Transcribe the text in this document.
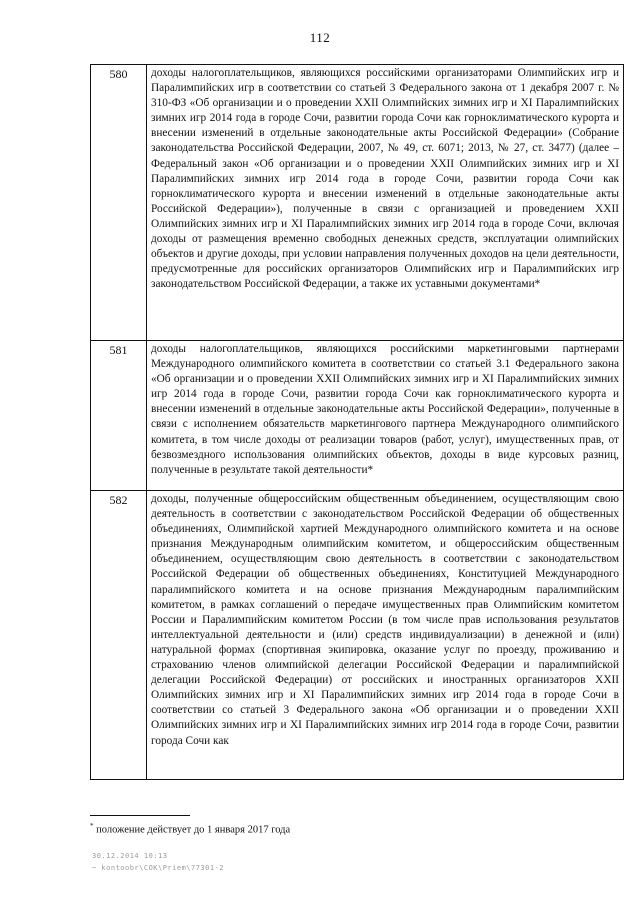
112
580	доходы налогоплательщиков, являющихся российскими организаторами Олимпийских игр и Паралимпийских игр в соответствии со статьей 3 Федерального закона от 1 декабря 2007 г. № 310-ФЗ «Об организации и о проведении XXII Олимпийских зимних игр и XI Паралимпийских зимних игр 2014 года в городе Сочи, развитии города Сочи как горноклиматического курорта и внесении изменений в отдельные законодательные акты Российской Федерации» (Собрание законодательства Российской Федерации, 2007, № 49, ст. 6071; 2013, № 27, ст. 3477) (далее – Федеральный закон «Об организации и о проведении XXII Олимпийских зимних игр и XI Паралимпийских зимних игр 2014 года в городе Сочи, развитии города Сочи как горноклиматического курорта и внесении изменений в отдельные законодательные акты Российской Федерации»), полученные в связи с организацией и проведением XXII Олимпийских зимних игр и XI Паралимпийских зимних игр 2014 года в городе Сочи, включая доходы от размещения временно свободных денежных средств, эксплуатации олимпийских объектов и другие доходы, при условии направления полученных доходов на цели деятельности, предусмотренные для российских организаторов Олимпийских игр и Паралимпийских игр законодательством Российской Федерации, а также их уставными документами*
581	доходы налогоплательщиков, являющихся российскими маркетинговыми партнерами Международного олимпийского комитета в соответствии со статьей 3.1 Федерального закона «Об организации и о проведении XXII Олимпийских зимних игр и XI Паралимпийских зимних игр 2014 года в городе Сочи, развитии города Сочи как горноклиматического курорта и внесении изменений в отдельные законодательные акты Российской Федерации», полученные в связи с исполнением обязательств маркетингового партнера Международного олимпийского комитета, в том числе доходы от реализации товаров (работ, услуг), имущественных прав, от безвозмездного использования олимпийских объектов, доходы в виде курсовых разниц, полученные в результате такой деятельности*
582	доходы, полученные общероссийским общественным объединением, осуществляющим свою деятельность в соответствии с законодательством Российской Федерации об общественных объединениях, Олимпийской хартией Международного олимпийского комитета и на основе признания Международным олимпийским комитетом, и общероссийским общественным объединением, осуществляющим свою деятельность в соответствии с законодательством Российской Федерации об общественных объединениях, Конституцией Международного паралимпийского комитета и на основе признания Международным паралимпийским комитетом, в рамках соглашений о передаче имущественных прав Олимпийским комитетом России и Паралимпийским комитетом России (в том числе прав использования результатов интеллектуальной деятельности и (или) средств индивидуализации) в денежной и (или) натуральной формах (спортивная экипировка, оказание услуг по проезду, проживанию и страхованию членов олимпийской делегации Российской Федерации и паралимпийской делегации Российской Федерации) от российских и иностранных организаторов XXII Олимпийских зимних игр и XI Паралимпийских зимних игр 2014 года в городе Сочи в соответствии со статьей 3 Федерального закона «Об организации и о проведении XXII Олимпийских зимних игр и XI Паралимпийских зимних игр 2014 года в городе Сочи, развитии города Сочи как
* положение действует до 1 января 2017 года
30.12.2014 10:13
~ kontoobr\COK\Priem\77301-2
